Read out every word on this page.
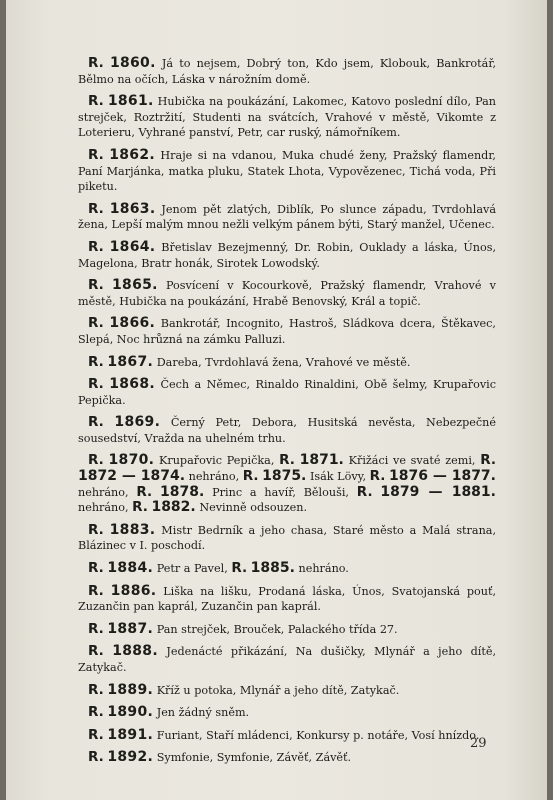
R. 1860. Já to nejsem, Dobrý ton, Kdo jsem, Klobouk, Bankrotář, Bělmo na očích, Láska v nárožním domě.

R. 1861. Hubička na poukázání, Lakomec, Katovo poslední dílo, Pan strejček, Roztržití, Studenti na svátcích, Vrahové v městě, Vikomte z Loterieru, Vyhrané panství, Petr, car ruský, námořníkem.

R. 1862. Hraje si na vdanou, Muka chudé ženy, Pražský flamendr, Paní Marjánka, matka pluku, Statek Lhota, Vypovězenec, Tichá voda, Při piketu.

R. 1863. Jenom pět zlatých, Diblík, Po slunce západu, Tvrdohlavá žena, Lepší malým mnou nežli velkým pánem býti, Starý manžel, Učenec.

R. 1864. Břetislav Bezejmenný, Dr. Robin, Ouklady a láska, Únos, Magelona, Bratr honák, Sirotek Lowodský.

R. 1865. Posvícení v Kocourkově, Pražský flamendr, Vrahové v městě, Hubička na poukázání, Hrabě Benovský, Král a topič.

R. 1866. Bankrotář, Incognito, Hastroš, Sládkova dcera, Štěkavec, Slepá, Noc hrůzná na zámku Palluzi.

R. 1867. Dareba, Tvrdohlavá žena, Vrahové ve městě.

R. 1868. Čech a Němec, Rinaldo Rinaldini, Obě šelmy, Krupařovic Pepička.

R. 1869. Černý Petr, Debora, Husitská nevěsta, Nebezpečné sousedství, Vražda na uhelném trhu.

R. 1870. Krupařovic Pepička, R. 1871. Křižáci ve svaté zemi, R. 1872 — 1874. nehráno, R. 1875. Isák Lövy, R. 1876 — 1877. nehráno, R. 1878. Princ a havíř, Bělouši, R. 1879 — 1881. nehráno, R. 1882. Nevinně odsouzen.

R. 1883. Mistr Bedrník a jeho chasa, Staré město a Malá strana, Blázinec v I. poschodí.

R. 1884. Petr a Pavel, R. 1885. nehráno.

R. 1886. Liška na lišku, Prodaná láska, Únos, Svatojanská pouť, Zuzančin pan kaprál, Zuzančin pan kaprál.

R. 1887. Pan strejček, Brouček, Palackého třída 27.

R. 1888. Jedenácté přikázání, Na dušičky, Mlynář a jeho dítě, Zatykač.

R. 1889. Kříž u potoka, Mlynář a jeho dítě, Zatykač.

R. 1890. Jen žádný sněm.

R. 1891. Furiant, Staří mládenci, Konkursy p. notáře, Vosí hnízdo.

R. 1892. Symfonie, Symfonie, Závěť, Závěť.

29
